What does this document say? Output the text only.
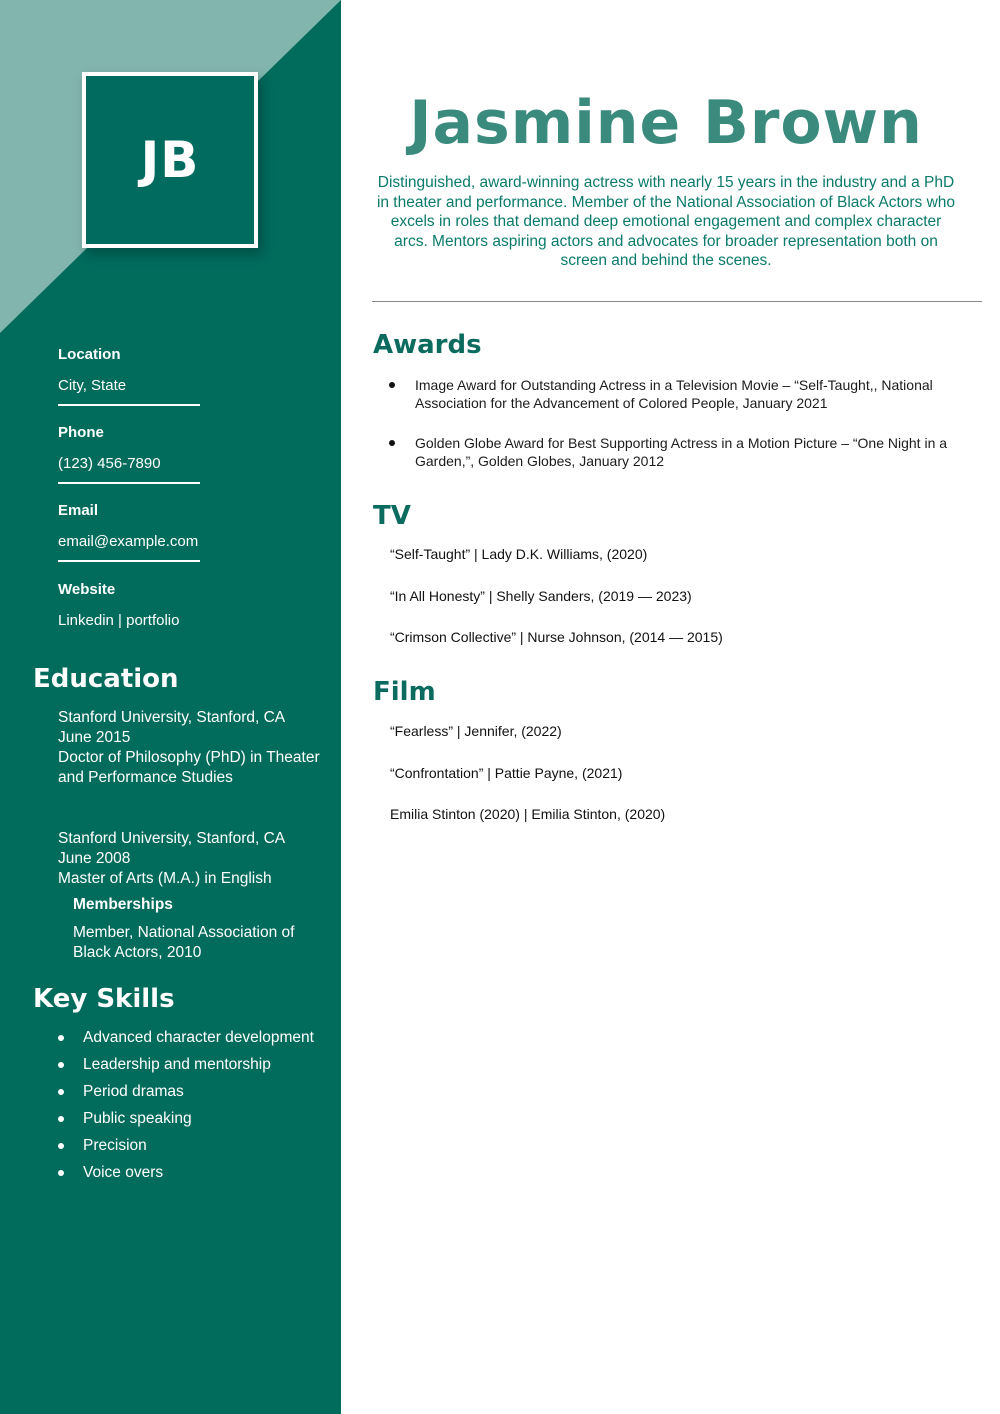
JB
Location
City, State
Phone
(123) 456-7890
Email
email@example.com
Website
Linkedin | portfolio
Education
Stanford University, Stanford, CA
June 2015
Doctor of Philosophy (PhD) in Theater and Performance Studies
Stanford University, Stanford, CA
June 2008
Master of Arts (M.A.) in English
Memberships
Member, National Association of Black Actors, 2010
Key Skills
Advanced character development
Leadership and mentorship
Period dramas
Public speaking
Precision
Voice overs
Jasmine Brown

Distinguished, award-winning actress with nearly 15 years in the industry and a PhD in theater and performance. Member of the National Association of Black Actors who excels in roles that demand deep emotional engagement and complex character arcs. Mentors aspiring actors and advocates for broader representation both on screen and behind the scenes.

Awards
Image Award for Outstanding Actress in a Television Movie – “Self-Taught,, National Association for the Advancement of Colored People, January 2021
Golden Globe Award for Best Supporting Actress in a Motion Picture – “One Night in a Garden,”, Golden Globes, January 2012
TV
“Self-Taught” | Lady D.K. Williams, (2020)
“In All Honesty” | Shelly Sanders, (2019 — 2023)
“Crimson Collective” | Nurse Johnson, (2014 — 2015)
Film
“Fearless” | Jennifer, (2022)
“Confrontation” | Pattie Payne, (2021)
Emilia Stinton (2020) | Emilia Stinton, (2020)
